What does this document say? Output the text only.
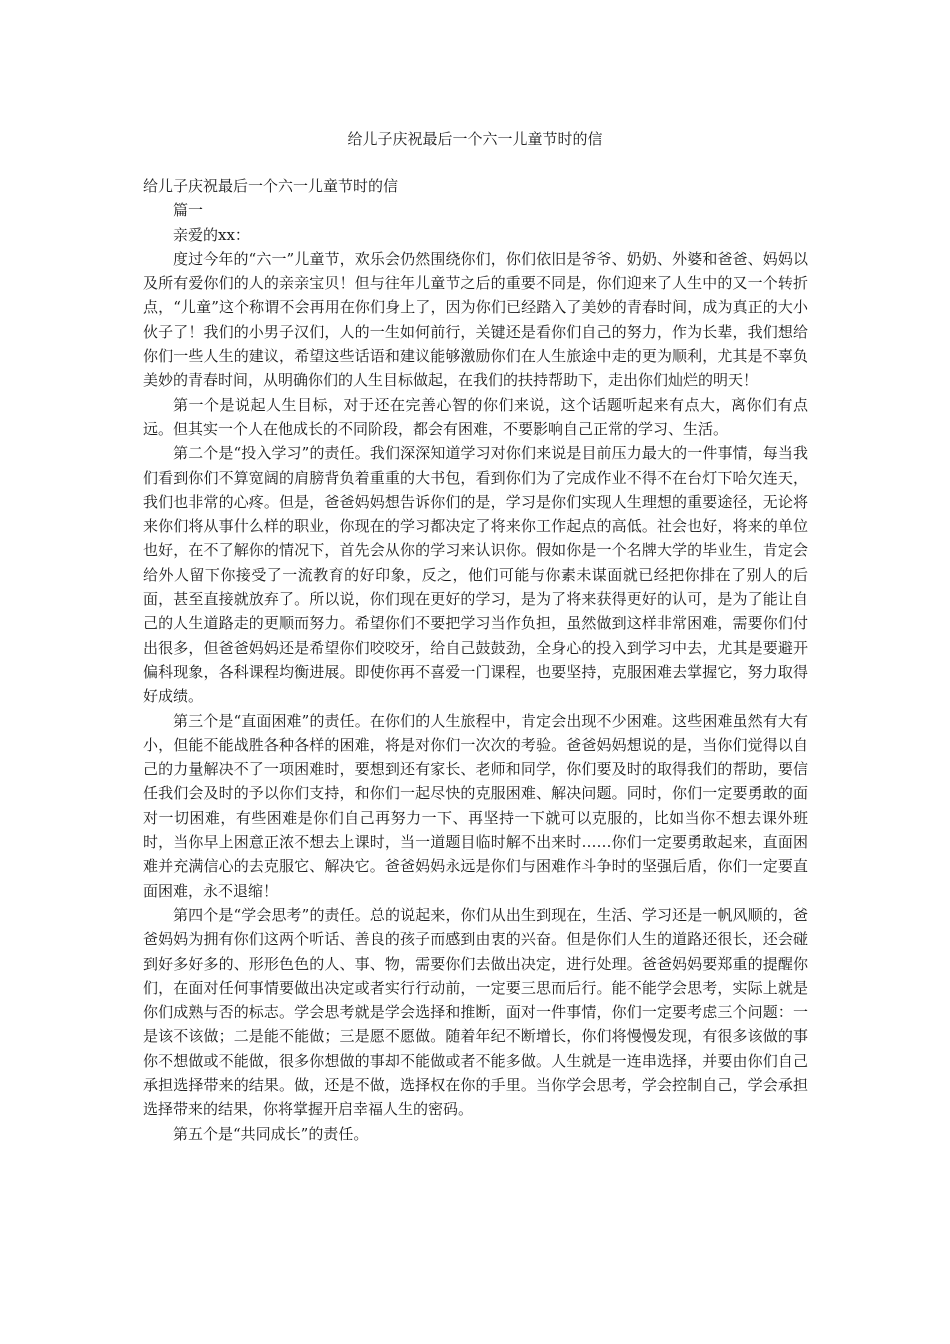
给儿子庆祝最后一个六一儿童节时的信

给儿子庆祝最后一个六一儿童节时的信

篇一

亲爱的xx：

度过今年的“六一”儿童节，欢乐会仍然围绕你们，你们依旧是爷爷、奶奶、外婆和爸爸、妈妈以及所有爱你们的人的亲亲宝贝！但与往年儿童节之后的重要不同是，你们迎来了人生中的又一个转折点，“儿童”这个称谓不会再用在你们身上了，因为你们已经踏入了美妙的青春时间，成为真正的大小伙子了！我们的小男子汉们，人的一生如何前行，关键还是看你们自己的努力，作为长辈，我们想给你们一些人生的建议，希望这些话语和建议能够激励你们在人生旅途中走的更为顺利，尤其是不辜负美妙的青春时间，从明确你们的人生目标做起，在我们的扶持帮助下，走出你们灿烂的明天！

第一个是说起人生目标，对于还在完善心智的你们来说，这个话题听起来有点大，离你们有点远。但其实一个人在他成长的不同阶段，都会有困难，不要影响自己正常的学习、生活。

第二个是“投入学习”的责任。我们深深知道学习对你们来说是目前压力最大的一件事情，每当我们看到你们不算宽阔的肩膀背负着重重的大书包，看到你们为了完成作业不得不在台灯下哈欠连天，我们也非常的心疼。但是，爸爸妈妈想告诉你们的是，学习是你们实现人生理想的重要途径，无论将来你们将从事什么样的职业，你现在的学习都决定了将来你工作起点的高低。社会也好，将来的单位也好，在不了解你的情况下，首先会从你的学习来认识你。假如你是一个名牌大学的毕业生，肯定会给外人留下你接受了一流教育的好印象，反之，他们可能与你素未谋面就已经把你排在了别人的后面，甚至直接就放弃了。所以说，你们现在更好的学习，是为了将来获得更好的认可，是为了能让自己的人生道路走的更顺而努力。希望你们不要把学习当作负担，虽然做到这样非常困难，需要你们付出很多，但爸爸妈妈还是希望你们咬咬牙，给自己鼓鼓劲，全身心的投入到学习中去，尤其是要避开偏科现象，各科课程均衡进展。即使你再不喜爱一门课程，也要坚持，克服困难去掌握它，努力取得好成绩。

第三个是“直面困难”的责任。在你们的人生旅程中，肯定会出现不少困难。这些困难虽然有大有小，但能不能战胜各种各样的困难，将是对你们一次次的考验。爸爸妈妈想说的是，当你们觉得以自己的力量解决不了一项困难时，要想到还有家长、老师和同学，你们要及时的取得我们的帮助，要信任我们会及时的予以你们支持，和你们一起尽快的克服困难、解决问题。同时，你们一定要勇敢的面对一切困难，有些困难是你们自己再努力一下、再坚持一下就可以克服的，比如当你不想去课外班时，当你早上困意正浓不想去上课时，当一道题目临时解不出来时……你们一定要勇敢起来，直面困难并充满信心的去克服它、解决它。爸爸妈妈永远是你们与困难作斗争时的坚强后盾，你们一定要直面困难，永不退缩！

第四个是“学会思考”的责任。总的说起来，你们从出生到现在，生活、学习还是一帆风顺的，爸爸妈妈为拥有你们这两个听话、善良的孩子而感到由衷的兴奋。但是你们人生的道路还很长，还会碰到好多好多的、形形色色的人、事、物，需要你们去做出决定，进行处理。爸爸妈妈要郑重的提醒你们，在面对任何事情要做出决定或者实行行动前，一定要三思而后行。能不能学会思考，实际上就是你们成熟与否的标志。学会思考就是学会选择和推断，面对一件事情，你们一定要考虑三个问题：一是该不该做；二是能不能做；三是愿不愿做。随着年纪不断增长，你们将慢慢发现，有很多该做的事你不想做或不能做，很多你想做的事却不能做或者不能多做。人生就是一连串选择，并要由你们自己承担选择带来的结果。做，还是不做，选择权在你的手里。当你学会思考，学会控制自己，学会承担选择带来的结果，你将掌握开启幸福人生的密码。

第五个是“共同成长”的责任。
